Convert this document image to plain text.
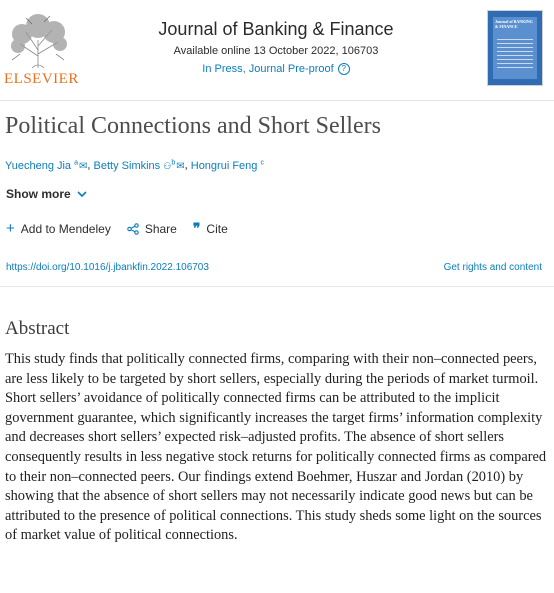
ELSEVIER
Journal of Banking & Finance
Available online 13 October 2022, 106703
In Press, Journal Pre-proof ?
Journal of BANKING & FINANCE
Political Connections and Short Sellers
Yuecheng Jia $^a$✉, Betty Simkins ⚇$^b$✉, Hongrui Feng $^c$
Show more
+ Add to Mendeley	Share ❞ Cite
https://doi.org/10.1016/j.jbankfin.2022.106703	Get rights and content
Abstract
This study finds that politically connected firms, comparing with their non–connected peers, are less likely to be targeted by short sellers, especially during the periods of market turmoil. Short sellers’ avoidance of politically connected firms can be attributed to the implicit government guarantee, which significantly increases the target firms’ information complexity and decreases short sellers’ expected risk–adjusted profits. The absence of short sellers consequently results in less negative stock returns for politically connected firms as compared to their non–connected peers. Our findings extend Boehmer, Huszar and Jordan (2010) by showing that the absence of short sellers may not necessarily indicate good news but can be attributed to the presence of political connections. This study sheds some light on the sources of market value of political connections.
